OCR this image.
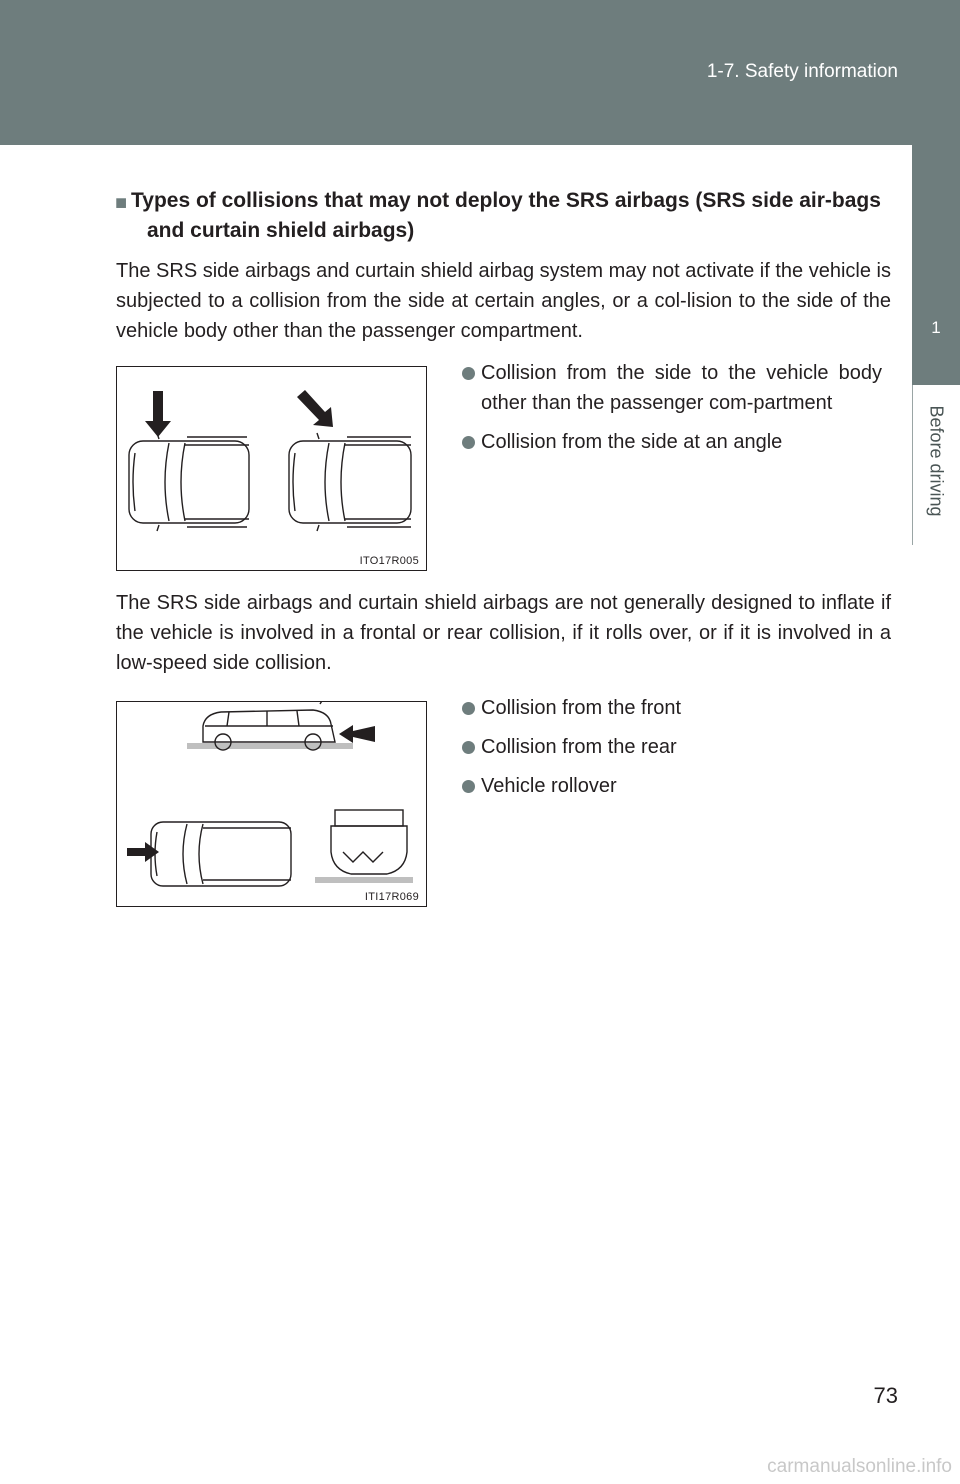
1-7. Safety information
1
Before driving
■ Types of collisions that may not deploy the SRS airbags (SRS side air-bags and curtain shield airbags)
The SRS side airbags and curtain shield airbag system may not activate if the vehicle is subjected to a collision from the side at certain angles, or a col-lision to the side of the vehicle body other than the passenger compartment.
ITO17R005
Collision from the side to the vehicle body other than the passenger com-partment
Collision from the side at an angle
The SRS side airbags and curtain shield airbags are not generally designed to inflate if the vehicle is involved in a frontal or rear collision, if it rolls over, or if it is involved in a low-speed side collision.
ITI17R069
Collision from the front
Collision from the rear
Vehicle rollover
73
carmanualsonline.info
